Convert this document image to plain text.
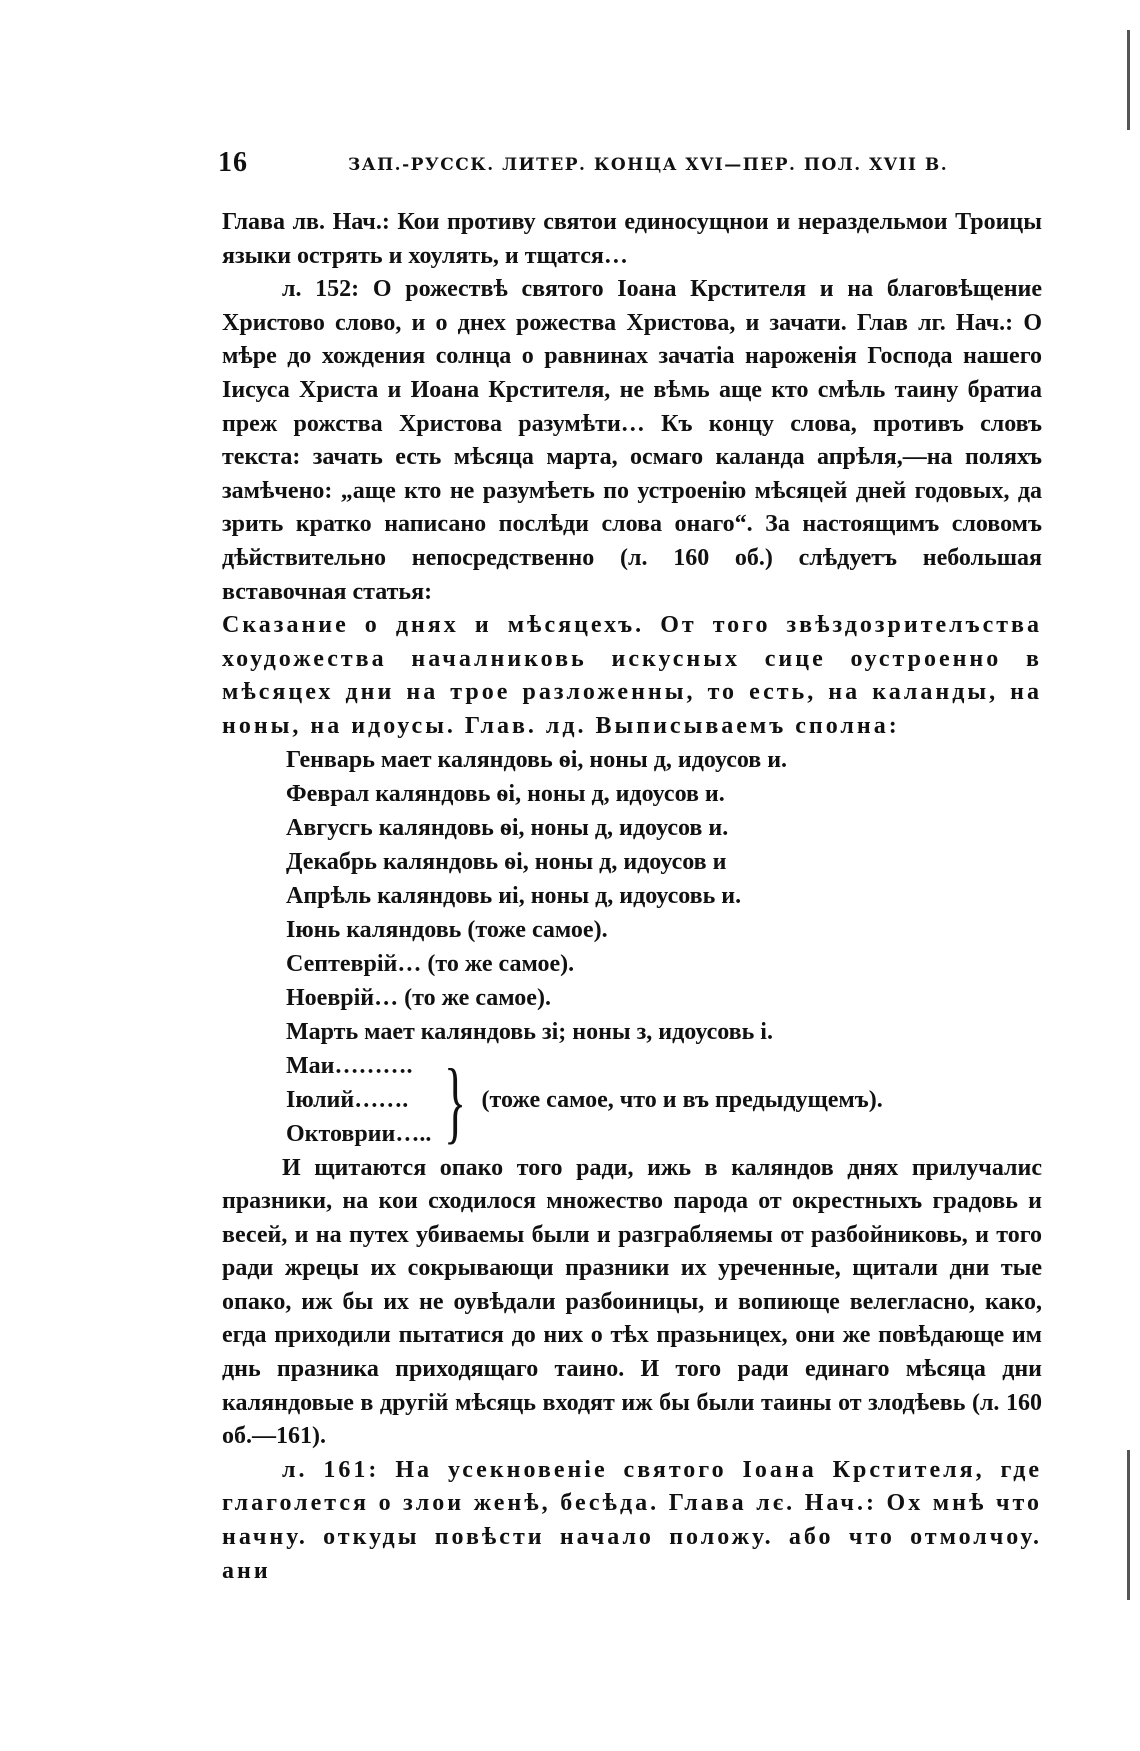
16	ЗАП.-РУССК. ЛИТЕР. КОНЦА XVI—ПЕР. ПОЛ. XVII В.

Глава лв. Нач.: Кои противу святои единосущнои и нераздельмои Троицы языки острять и хоулять, и тщатся…

л. 152: О рожествѣ святого Іоана Крстителя и на благовѣщение Христово слово, и о днех рожества Христова, и зачати. Глав лг. Нач.: О мѣре до хождения солнца о равнинах зачатіа нароженія Господа нашего Іисуса Христа и Иоана Крстителя, не вѣмь аще кто смѣль таину братиа преж рожства Христова разумѣти… Къ концу слова, противъ словъ текста: зачать есть мѣсяца марта, осмаго каланда апрѣля,—на поляхъ замѣчено: „аще кто не разумѣеть по устроенію мѣсяцей дней годовых, да зрить кратко написано послѣди слова онаго“. За настоящимъ словомъ дѣйствительно непосредственно (л. 160 об.) слѣдуетъ небольшая вставочная статья:

Сказание о днях и мѣсяцехъ. От того звѣздозрителъства хоудожества началниковь искусных сице оустроенно в мѣсяцех дни на трое разложенны, то есть, на каланды, на ноны, на идоусы. Глав. лд. Выписываемъ сполна:

Генварь мает каляндовь ѳі, ноны д, идоусов и.
Феврал каляндовь ѳі, ноны д, идоусов и.
Авгусгь каляндовь ѳі, ноны д, идоусов и.
Декабрь каляндовь ѳі, ноны д, идоусов и
Апрѣль каляндовь иі, ноны д, идоусовь и.
Іюнь каляндовь (тоже самое).
Септеврій… (то же самое).
Ноеврій… (то же самое).
Марть мает каляндовь зі; ноны з, идоусовь і.
Маи……….
Іюлий…….
Октоврии….. } (тоже самое, что и въ предыдущемъ).

И щитаются опако того ради, ижь в каляндов днях прилучалис празники, на кои сходилося множество парода от окрестныхъ градовь и весей, и на путех убиваемы были и разграбляемы от разбойниковь, и того ради жрецы их сокрывающи празники их уреченные, щитали дни тые опако, иж бы их не оувѣдали разбоиницы, и вопиюще велегласно, како, егда приходили пытатися до них о тѣх празьницех, они же повѣдающе им днь празника приходящаго таино. И того ради единаго мѣсяца дни каляндовые в другій мѣсяць входят иж бы были таины от злодѣевь (л. 160 об.—161).

л. 161: На усекновеніе святого Іоана Крстителя, где глаголется о злои женѣ, бесѣда. Глава лє. Нач.: Ох мнѣ что начну. откуды повѣсти начало положу. або что отмолчоу. ани
